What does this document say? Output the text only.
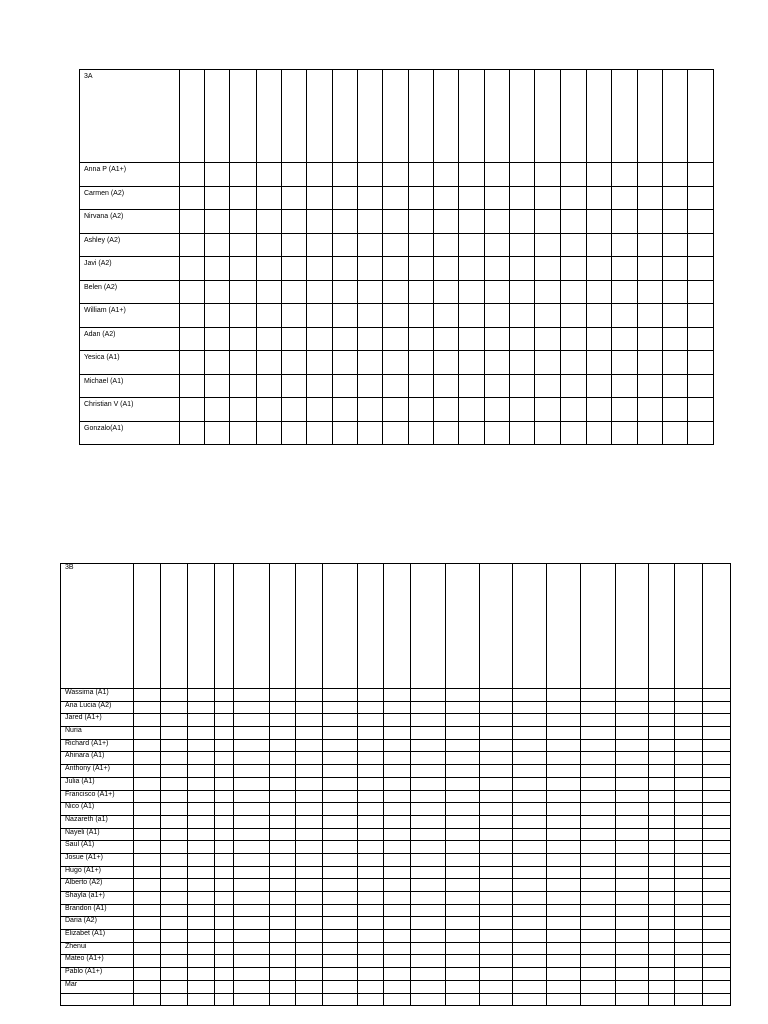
3A																					
Anna P (A1+)																					
Carmen (A2)																					
Nirvana (A2)																					
Ashley (A2)																					
Javi (A2)																					
Belen (A2)																					
William (A1+)																					
Adan (A2)																					
Yesica (A1)																					
Michael (A1)																					
Christian V (A1)																					
Gonzalo(A1)																					
3B																				
Wassima (A1)																				
Ana Lucia (A2)																				
Jared (A1+)																				
Nuria																				
Richard (A1+)																				
Ahinara (A1)																				
Anthony (A1+)																				
Julia (A1)																				
Francisco (A1+)																				
Nico (A1)																				
Nazareth (a1)																				
Nayeli (A1)																				
Saul (A1)																				
Josue (A1+)																				
Hugo (A1+)																				
Alberto (A2)																				
Shayla (a1+)																				
Brandon (A1)																				
Daria (A2)																				
Elizabet (A1)																				
Zhenui																				
Mateo (A1+)																				
Pablo (A1+)																				
Mar																				
